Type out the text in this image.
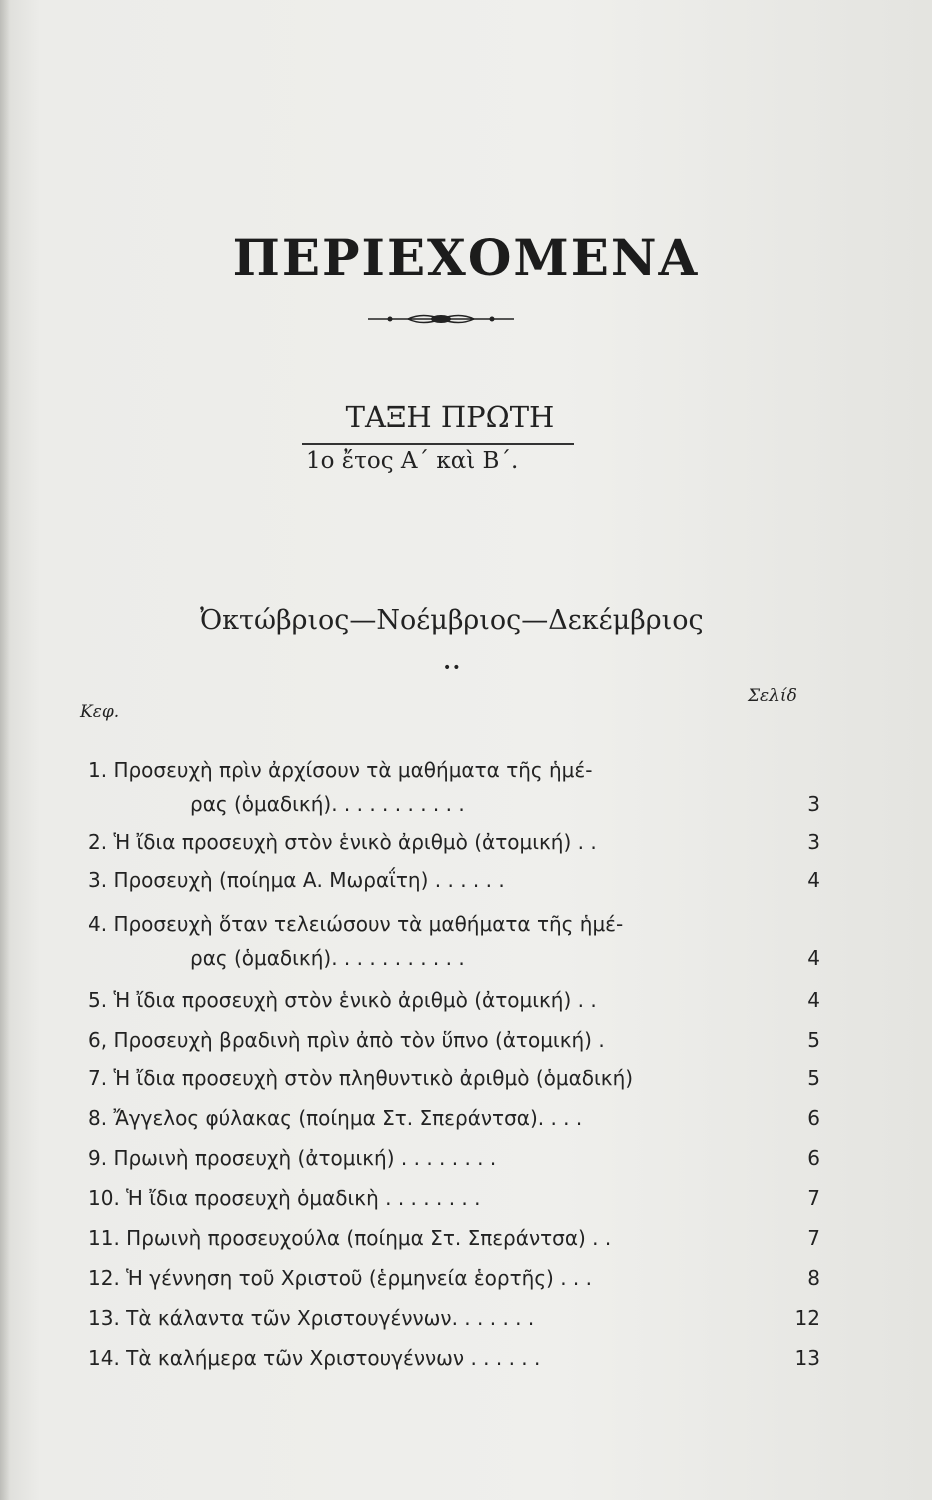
ΠΕΡΙΕΧΟΜΕΝΑ
ΤΑΞΗ ΠΡΩΤΗ
1ο ἔτος Α΄ καὶ Β΄.
Ὀκτώβριος—Νοέμβριος—Δεκέμβριος
••
Κεφ.
Σελίδ
1. Προσευχὴ πρὶν ἀρχίσουν τὰ μαθήματα τῆς ἡμέ-
ρας (ὁμαδική). . . . . . . . . . .	3
2. Ἡ ἴδια προσευχὴ στὸν ἑνικὸ ἀριθμὸ (ἀτομική) . .	3
3. Προσευχὴ (ποίημα Α. Μωραΐτη) . . . . . .	4
4. Προσευχὴ ὅταν τελειώσουν τὰ μαθήματα τῆς ἡμέ-
ρας (ὁμαδική). . . . . . . . . . .	4
5. Ἡ ἴδια προσευχὴ στὸν ἑνικὸ ἀριθμὸ (ἀτομική) . .	4
6, Προσευχὴ βραδινὴ πρὶν ἀπὸ τὸν ὕπνο (ἀτομική) .	5
7. Ἡ ἴδια προσευχὴ στὸν πληθυντικὸ ἀριθμὸ (ὁμαδική)	5
8. Ἄγγελος φύλακας (ποίημα Στ. Σπεράντσα). . . .	6
9. Πρωινὴ προσευχὴ (ἀτομική) . . . . . . . .	6
10. Ἡ ἴδια προσευχὴ ὁμαδικὴ . . . . . . . .	7
11. Πρωινὴ προσευχούλα (ποίημα Στ. Σπεράντσα) . .	7
12. Ἡ γέννηση τοῦ Χριστοῦ (ἑρμηνεία ἑορτῆς) . . .	8
13. Τὰ κάλαντα τῶν Χριστουγέννων. . . . . . .	12
14. Τὰ καλήμερα τῶν Χριστουγέννων . . . . . .	13
